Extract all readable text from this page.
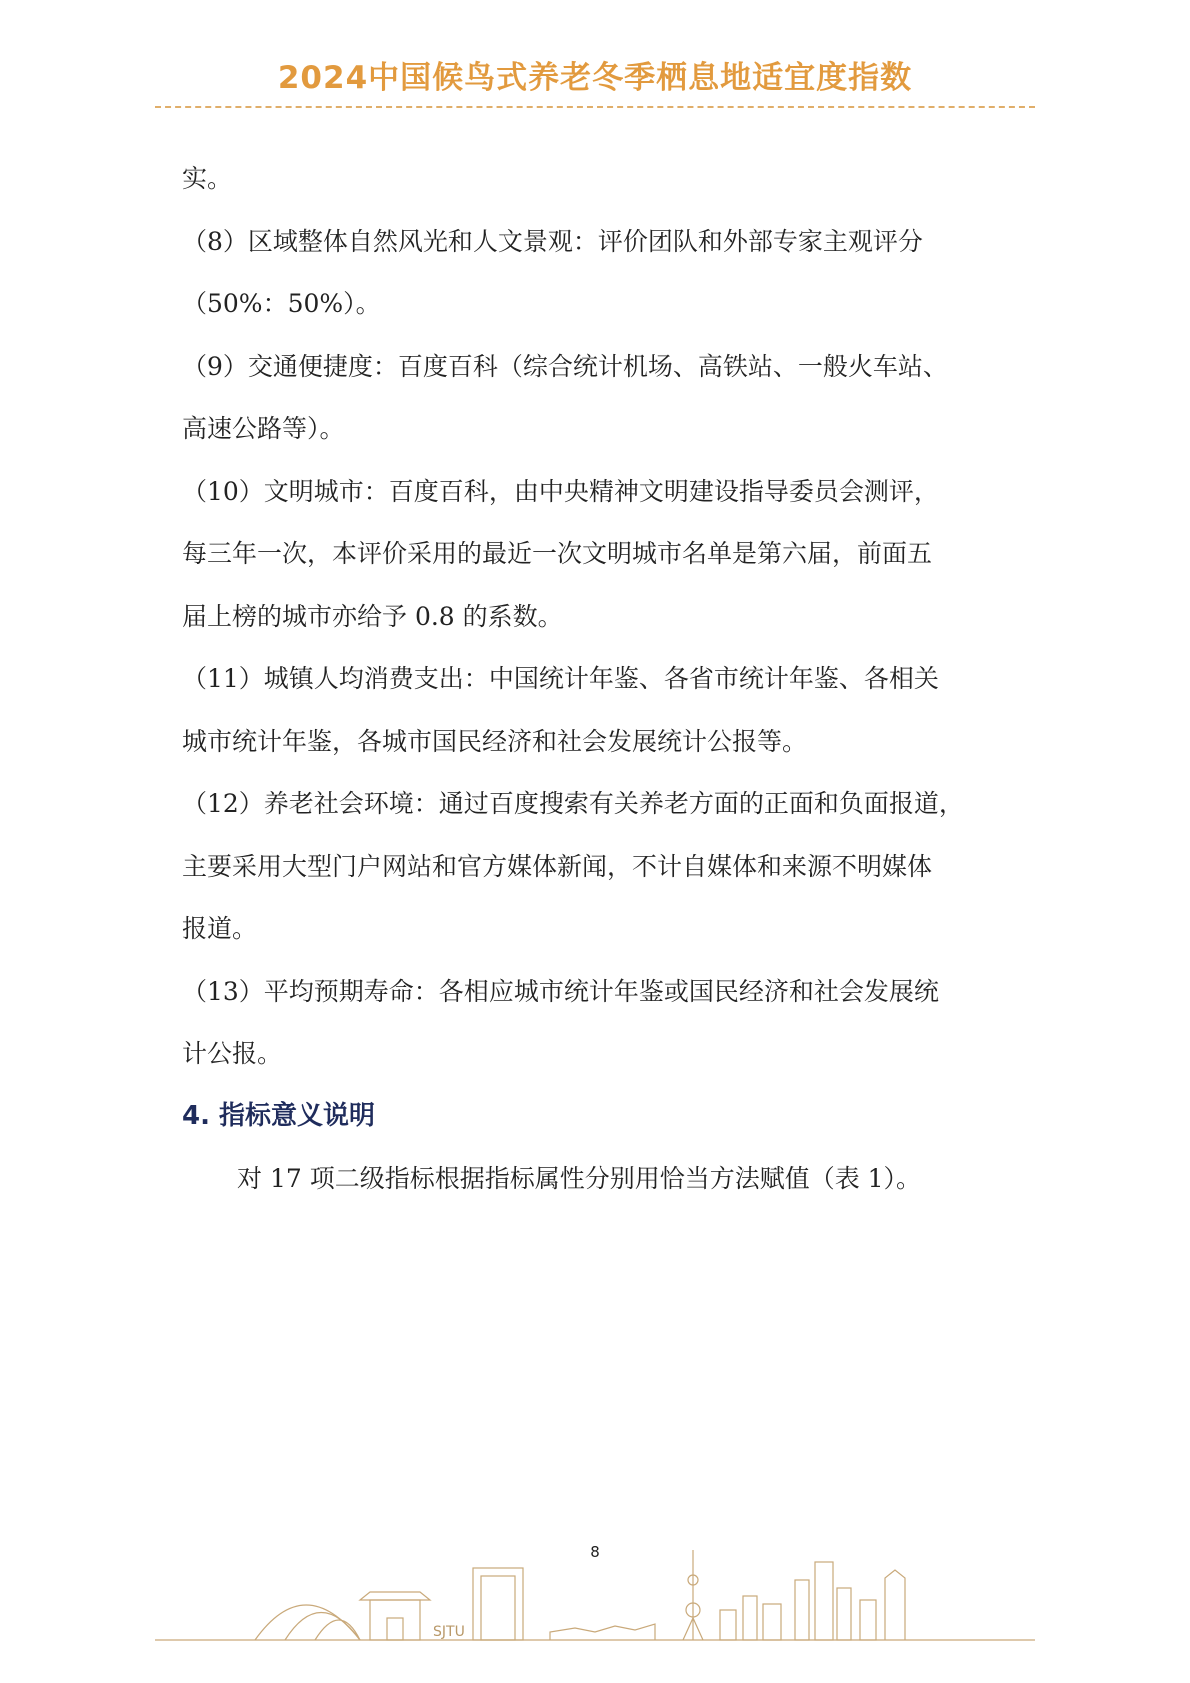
2024中国候鸟式养老冬季栖息地适宜度指数

实。

（8）区域整体自然风光和人文景观：评价团队和外部专家主观评分

（50%：50%）。

（9）交通便捷度：百度百科（综合统计机场、高铁站、一般火车站、

高速公路等）。

（10）文明城市：百度百科，由中央精神文明建设指导委员会测评，

每三年一次，本评价采用的最近一次文明城市名单是第六届，前面五

届上榜的城市亦给予 0.8 的系数。

（11）城镇人均消费支出：中国统计年鉴、各省市统计年鉴、各相关

城市统计年鉴，各城市国民经济和社会发展统计公报等。

（12）养老社会环境：通过百度搜索有关养老方面的正面和负面报道，

主要采用大型门户网站和官方媒体新闻，不计自媒体和来源不明媒体

报道。

（13）平均预期寿命：各相应城市统计年鉴或国民经济和社会发展统

计公报。

4. 指标意义说明
对 17 项二级指标根据指标属性分别用恰当方法赋值（表 1）。
8
SJTU
